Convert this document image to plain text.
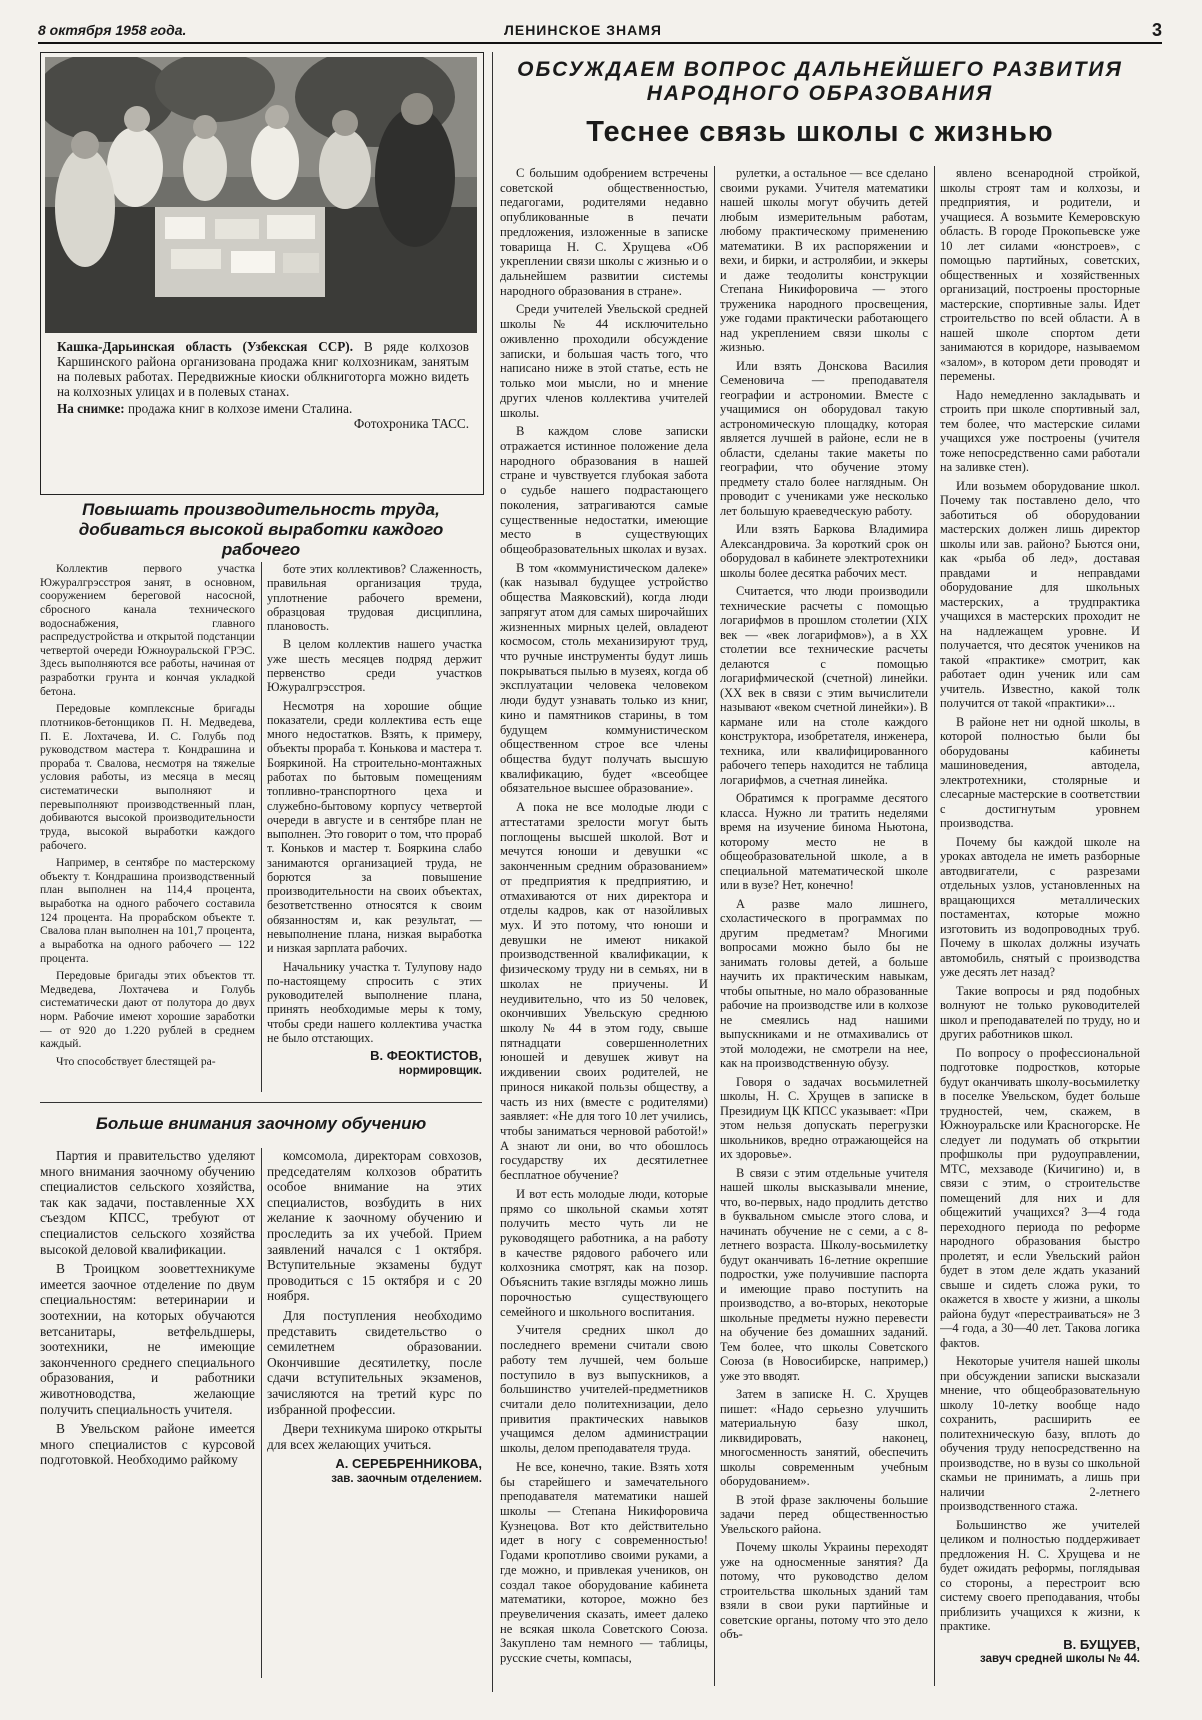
8 октября 1958 года.	ЛЕНИНСКОЕ ЗНАМЯ	3
Кашка-Дарьинская область (Узбекская ССР). В ряде колхозов Каршинского района организована продажа книг колхозникам, занятым на полевых работах. Передвижные киоски облкниготорга можно видеть на колхозных улицах и в полевых станах.
На снимке: продажа книг в колхозе имени Сталина.
Фотохроника ТАСС.
Повышать производительность труда, добиваться высокой выработки каждого рабочего

Коллектив первого участка Южуралгрэсстроя занят, в основном, сооружением береговой насосной, сбросного канала технического водоснабжения, главного распредустройства и открытой подстанции четвертой очереди Южноуральской ГРЭС. Здесь выполняются все работы, начиная от разработки грунта и кончая укладкой бетона.

Передовые комплексные бригады плотников-бетонщиков П. Н. Медведева, П. Е. Лохтачева, И. С. Голубь под руководством мастера т. Кондрашина и прораба т. Свалова, несмотря на тяжелые условия работы, из месяца в месяц систематически выполняют и перевыполняют производственный план, добиваются высокой производительности труда, высокой выработки каждого рабочего.

Например, в сентябре по мастерскому объекту т. Кондрашина производственный план выполнен на 114,4 процента, выработка на одного рабочего составила 124 процента. На прорабском объекте т. Свалова план выполнен на 101,7 процента, а выработка на одного рабочего — 122 процента.

Передовые бригады этих объектов тт. Медведева, Лохтачева и Голубь систематически дают от полутора до двух норм. Рабочие имеют хорошие заработки — от 920 до 1.220 рублей в среднем каждый.

Что способствует блестящей ра-

боте этих коллективов? Слаженность, правильная организация труда, уплотнение рабочего времени, образцовая трудовая дисциплина, плановость.

В целом коллектив нашего участка уже шесть месяцев подряд держит первенство среди участков Южуралгрэсстроя.

Несмотря на хорошие общие показатели, среди коллектива есть еще много недостатков. Взять, к примеру, объекты прораба т. Конькова и мастера т. Бояркиной. На строительно-монтажных работах по бытовым помещениям топливно-транспортного цеха и служебно-бытовому корпусу четвертой очереди в августе и в сентябре план не выполнен. Это говорит о том, что прораб т. Коньков и мастер т. Бояркина слабо занимаются организацией труда, не борются за повышение производительности на своих объектах, безответственно относятся к своим обязанностям и, как результат, — невыполнение плана, низкая выработка и низкая зарплата рабочих.

Начальнику участка т. Тулупову надо по-настоящему спросить с этих руководителей выполнение плана, принять необходимые меры к тому, чтобы среди нашего коллектива участка не было отстающих.

В. ФЕОКТИСТОВ,
нормировщик.

Больше внимания заочному обучению

Партия и правительство уделяют много внимания заочному обучению специалистов сельского хозяйства, так как задачи, поставленные XX съездом КПСС, требуют от специалистов сельского хозяйства высокой деловой квалификации.

В Троицком зооветтехникуме имеется заочное отделение по двум специальностям: ветеринарии и зоотехнии, на которых обучаются ветсанитары, ветфельдшеры, зоотехники, не имеющие законченного среднего специального образования, и работники животноводства, желающие получить специальность учителя.

В Увельском районе имеется много специалистов с курсовой подготовкой. Необходимо райкому

комсомола, директорам совхозов, председателям колхозов обратить особое внимание на этих специалистов, возбудить в них желание к заочному обучению и проследить за их учебой. Прием заявлений начался с 1 октября. Вступительные экзамены будут проводиться с 15 октября и с 20 ноября.

Для поступления необходимо представить свидетельство о семилетнем образовании. Окончившие десятилетку, после сдачи вступительных экзаменов, зачисляются на третий курс по избранной профессии.

Двери техникума широко открыты для всех желающих учиться.

А. СЕРЕБРЕННИКОВА,
зав. заочным отделением.

ОБСУЖДАЕМ ВОПРОС ДАЛЬНЕЙШЕГО РАЗВИТИЯ НАРОДНОГО ОБРАЗОВАНИЯ
Теснее связь школы с жизнью

С большим одобрением встречены советской общественностью, педагогами, родителями недавно опубликованные в печати предложения, изложенные в записке товарища Н. С. Хрущева «Об укреплении связи школы с жизнью и о дальнейшем развитии системы народного образования в стране».

Среди учителей Увельской средней школы № 44 исключительно оживленно проходили обсуждение записки, и большая часть того, что написано ниже в этой статье, есть не только мои мысли, но и мнение других членов коллектива учителей школы.

В каждом слове записки отражается истинное положение дела народного образования в нашей стране и чувствуется глубокая забота о судьбе нашего подрастающего поколения, затрагиваются самые существенные недостатки, имеющие место в существующих общеобразовательных школах и вузах.

В том «коммунистическом далеке» (как называл будущее устройство общества Маяковский), когда люди запрягут атом для самых широчайших жизненных мирных целей, овладеют космосом, столь механизируют труд, что ручные инструменты будут лишь покрываться пылью в музеях, когда об эксплуатации человека человеком люди будут узнавать только из книг, кино и памятников старины, в том будущем коммунистическом общественном строе все члены общества будут получать высшую квалификацию, будет «всеобщее обязательное высшее образование».

А пока не все молодые люди с аттестатами зрелости могут быть поглощены высшей школой. Вот и мечутся юноши и девушки «с законченным средним образованием» от предприятия к предприятию, и отмахиваются от них директора и отделы кадров, как от назойливых мух. И это потому, что юноши и девушки не имеют никакой производственной квалификации, к физическому труду ни в семьях, ни в школах не приучены. И неудивительно, что из 50 человек, окончивших Увельскую среднюю школу № 44 в этом году, свыше пятнадцати совершеннолетних юношей и девушек живут на иждивении своих родителей, не принося никакой пользы обществу, а часть из них (вместе с родителями) заявляет: «Не для того 10 лет учились, чтобы заниматься черновой работой!» А знают ли они, во что обошлось государству их десятилетнее бесплатное обучение?

И вот есть молодые люди, которые прямо со школьной скамьи хотят получить место чуть ли не руководящего работника, а на работу в качестве рядового рабочего или колхозника смотрят, как на позор. Объяснить такие взгляды можно лишь порочностью существующего семейного и школьного воспитания.

Учителя средних школ до последнего времени считали свою работу тем лучшей, чем больше поступило в вуз выпускников, а большинство учителей-предметников считали дело политехнизации, дело привития практических навыков учащимся делом администрации школы, делом преподавателя труда.

Не все, конечно, такие. Взять хотя бы старейшего и замечательного преподавателя математики нашей школы — Степана Никифоровича Кузнецова. Вот кто действительно идет в ногу с современностью! Годами кропотливо своими руками, а где можно, и привлекая учеников, он создал такое оборудование кабинета математики, которое, можно без преувеличения сказать, имеет далеко не всякая школа Советского Союза. Закуплено там немного — таблицы, русские счеты, компасы,

рулетки, а остальное — все сделано своими руками. Учителя математики нашей школы могут обучить детей любым измерительным работам, любому практическому применению математики. В их распоряжении и вехи, и бирки, и астролябии, и эккеры и даже теодолиты конструкции Степана Никифоровича — этого труженика народного просвещения, уже годами практически работающего над укреплением связи школы с жизнью.

Или взять Донскова Василия Семеновича — преподавателя географии и астрономии. Вместе с учащимися он оборудовал такую астрономическую площадку, которая является лучшей в районе, если не в области, сделаны такие макеты по географии, что обучение этому предмету стало более наглядным. Он проводит с учениками уже несколько лет большую краеведческую работу.

Или взять Баркова Владимира Александровича. За короткий срок он оборудовал в кабинете электротехники школы более десятка рабочих мест.

Считается, что люди производили технические расчеты с помощью логарифмов в прошлом столетии (XIX век — «век логарифмов»), а в XX столетии все технические расчеты делаются с помощью логарифмической (счетной) линейки. (XX век в связи с этим вычислители называют «веком счетной линейки»). В кармане или на столе каждого конструктора, изобретателя, инженера, техника, или квалифицированного рабочего теперь находится не таблица логарифмов, а счетная линейка.

Обратимся к программе десятого класса. Нужно ли тратить неделями время на изучение бинома Ньютона, которому место не в общеобразовательной школе, а в специальной математической школе или в вузе? Нет, конечно!

А разве мало лишнего, схоластического в программах по другим предметам? Многими вопросами можно было бы не занимать головы детей, а больше научить их практическим навыкам, чтобы опытные, но мало образованные рабочие на производстве или в колхозе не смеялись над нашими выпускниками и не отмахивались от этой молодежи, не смотрели на нее, как на производственную обузу.

Говоря о задачах восьмилетней школы, Н. С. Хрущев в записке в Президиум ЦК КПСС указывает: «При этом нельзя допускать перегрузки школьников, вредно отражающейся на их здоровье».

В связи с этим отдельные учителя нашей школы высказывали мнение, что, во-первых, надо продлить детство в буквальном смысле этого слова, и начинать обучение не с семи, а с 8-летнего возраста. Школу-восьмилетку будут оканчивать 16-летние окрепшие подростки, уже получившие паспорта и имеющие право поступить на производство, а во-вторых, некоторые школьные предметы нужно перевести на обучение без домашних заданий. Тем более, что школы Советского Союза (в Новосибирске, например,) уже это вводят.

Затем в записке Н. С. Хрущев пишет: «Надо серьезно улучшить материальную базу школ, ликвидировать, наконец, многосменность занятий, обеспечить школы современным учебным оборудованием».

В этой фразе заключены большие задачи перед общественностью Увельского района.

Почему школы Украины переходят уже на односменные занятия? Да потому, что руководство делом строительства школьных зданий там взяли в свои руки партийные и советские органы, потому что это дело объ-

явлено всенародной стройкой, школы строят там и колхозы, и предприятия, и родители, и учащиеся. А возьмите Кемеровскую область. В городе Прокопьевске уже 10 лет силами «юнстроев», с помощью партийных, советских, общественных и хозяйственных организаций, построены просторные мастерские, спортивные залы. Идет строительство по всей области. А в нашей школе спортом дети занимаются в коридоре, называемом «залом», в котором дети проводят и перемены.

Надо немедленно закладывать и строить при школе спортивный зал, тем более, что мастерские силами учащихся уже построены (учителя тоже непосредственно сами работали на заливке стен).

Или возьмем оборудование школ. Почему так поставлено дело, что заботиться об оборудовании мастерских должен лишь директор школы или зав. районо? Бьются они, как «рыба об лед», доставая правдами и неправдами оборудование для школьных мастерских, а трудпрактика учащихся в мастерских проходит не на надлежащем уровне. И получается, что десяток учеников на такой «практике» смотрит, как работает один ученик или сам учитель. Известно, какой толк получится от такой «практики»...

В районе нет ни одной школы, в которой полностью были бы оборудованы кабинеты машиноведения, автодела, электротехники, столярные и слесарные мастерские в соответствии с достигнутым уровнем производства.

Почему бы каждой школе на уроках автодела не иметь разборные автодвигатели, с разрезами отдельных узлов, установленных на вращающихся металлических постаментах, которые можно изготовить из водопроводных труб. Почему в школах должны изучать автомобиль, снятый с производства уже десять лет назад?

Такие вопросы и ряд подобных волнуют не только руководителей школ и преподавателей по труду, но и других работников школ.

По вопросу о профессиональной подготовке подростков, которые будут оканчивать школу-восьмилетку в поселке Увельском, будет больше трудностей, чем, скажем, в Южноуральске или Красногорске. Не следует ли подумать об открытии профшколы при рудоуправлении, МТС, мехзаводе (Кичигино) и, в связи с этим, о строительстве помещений для них и для общежитий учащихся? З—4 года переходного периода по реформе народного образования быстро пролетят, и если Увельский район будет в этом деле ждать указаний свыше и сидеть сложа руки, то окажется в хвосте у жизни, а школы района будут «перестраиваться» не 3—4 года, а 30—40 лет. Такова логика фактов.

Некоторые учителя нашей школы при обсуждении записки высказали мнение, что общеобразовательную школу 10-летку вообще надо сохранить, расширить ее политехническую базу, вплоть до обучения труду непосредственно на производстве, но в вузы со школьной скамьи не принимать, а лишь при наличии 2-летнего производственного стажа.

Большинство же учителей целиком и полностью поддерживает предложения Н. С. Хрущева и не будет ожидать реформы, поглядывая со стороны, а перестроит всю систему своего преподавания, чтобы приблизить учащихся к жизни, к практике.

В. БУЩУЕВ,
завуч средней школы № 44.
